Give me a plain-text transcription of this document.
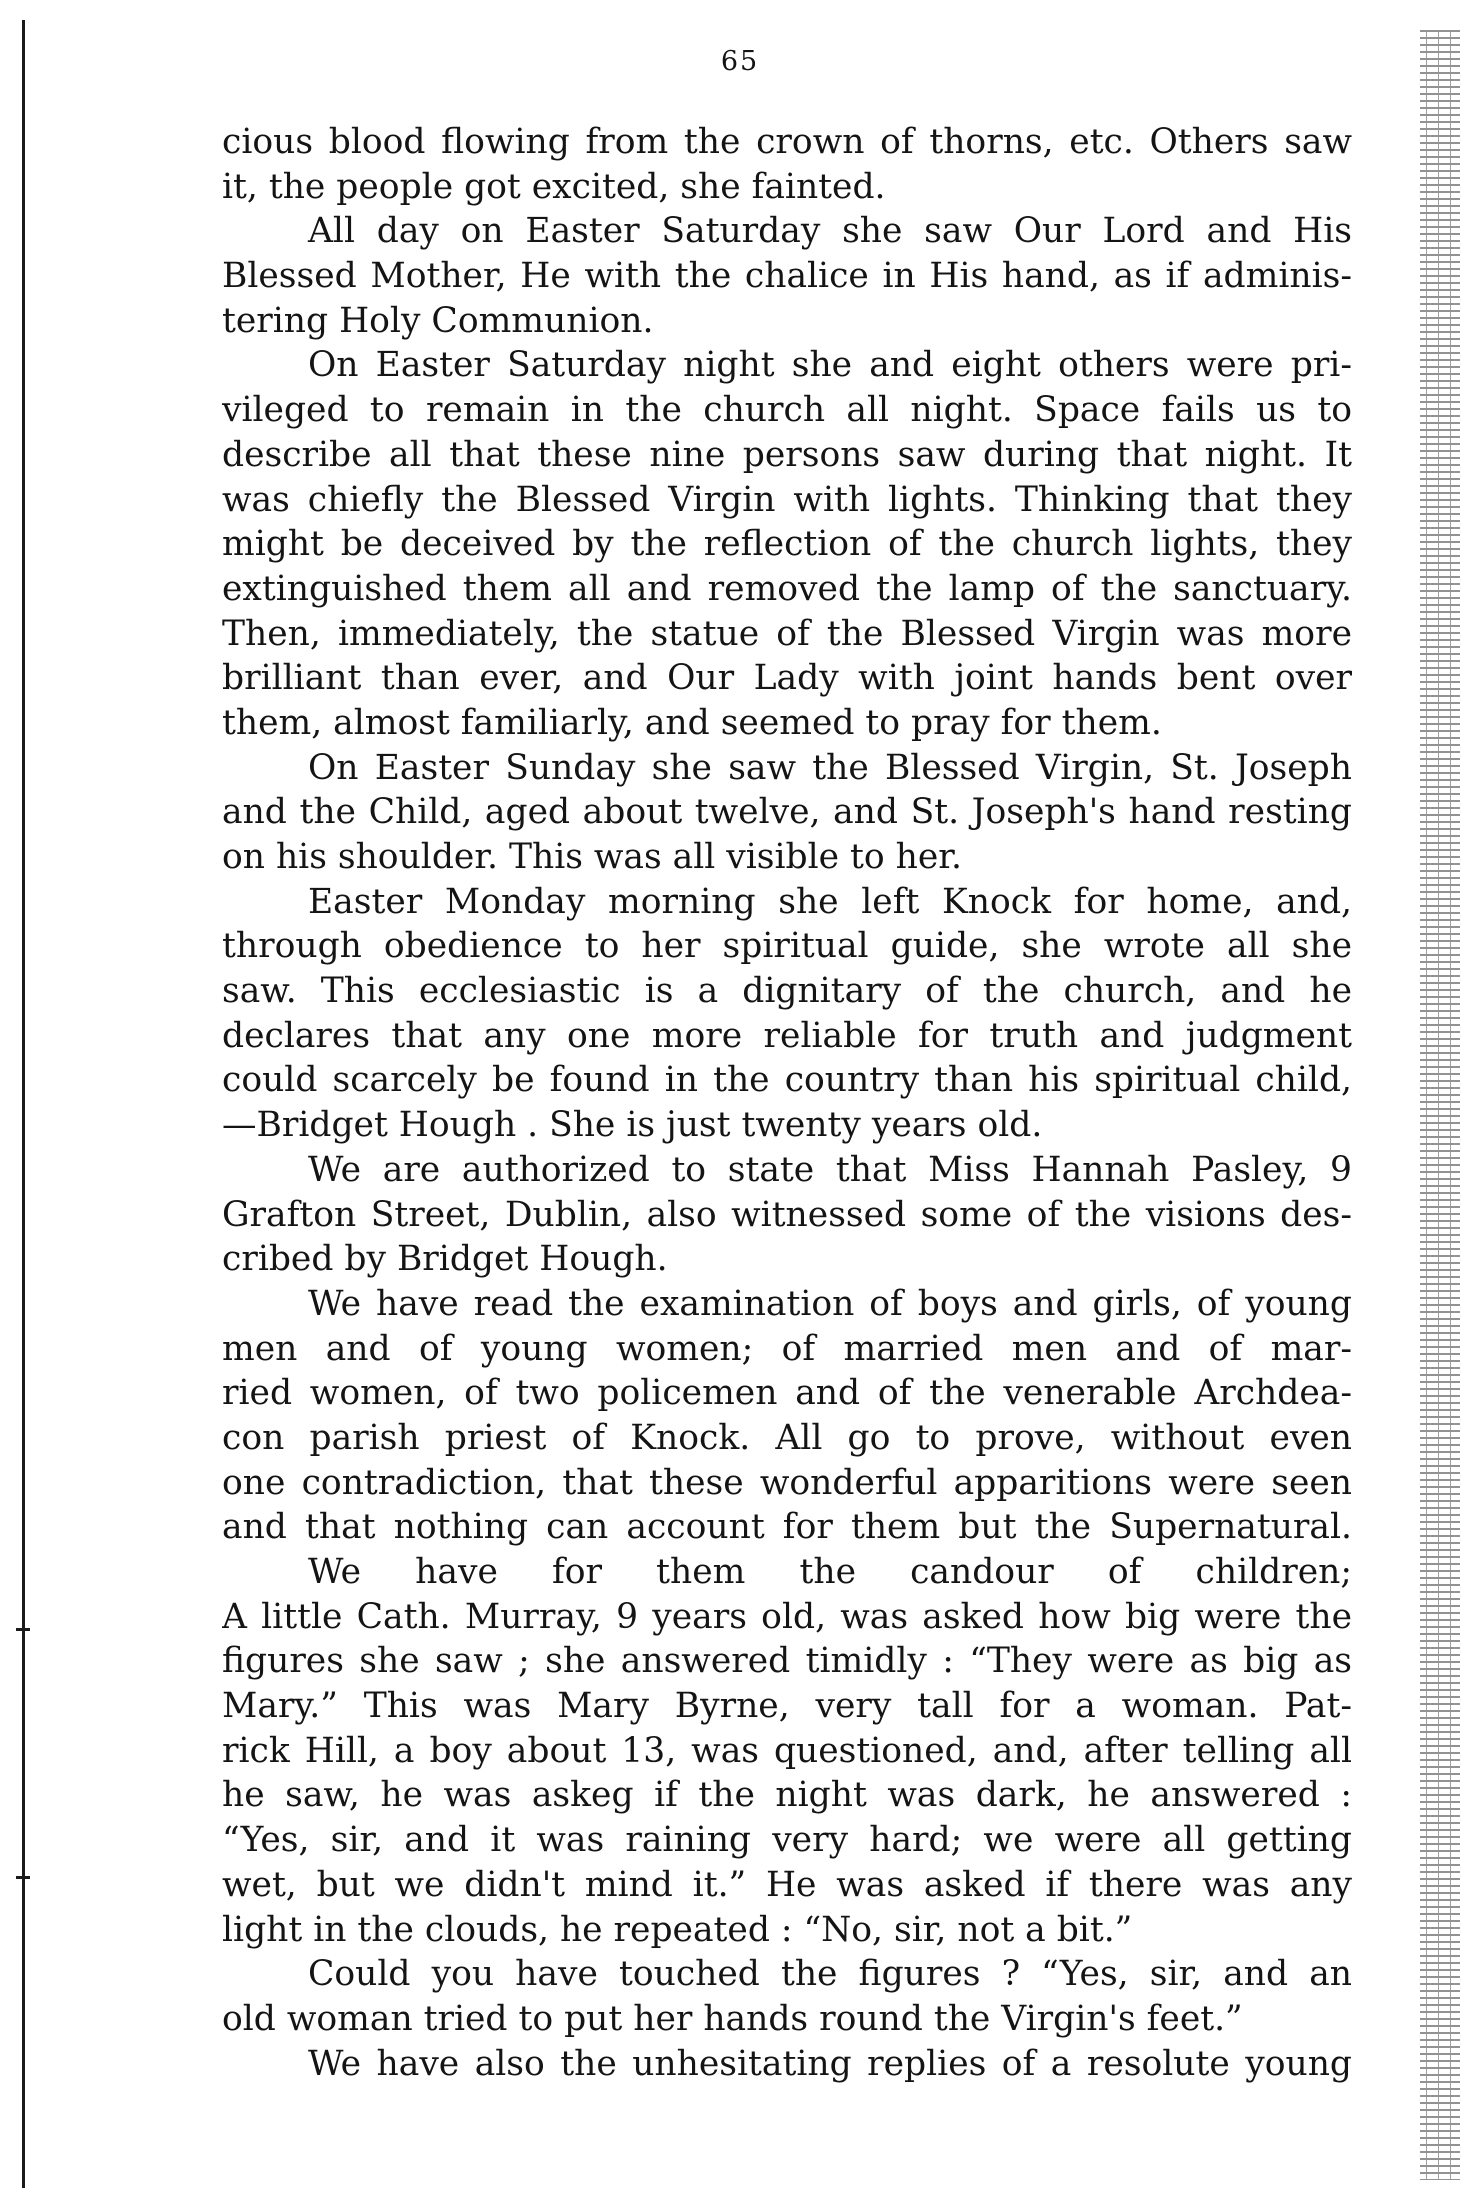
65
cious blood flowing from the crown of thorns, etc. Others saw
it, the people got excited, she fainted.
All day on Easter Saturday she saw Our Lord and His
Blessed Mother, He with the chalice in His hand, as if adminis-
tering Holy Communion.
On Easter Saturday night she and eight others were pri-
vileged to remain in the church all night. Space fails us to
describe all that these nine persons saw during that night. It
was chiefly the Blessed Virgin with lights. Thinking that they
might be deceived by the reflection of the church lights, they
extinguished them all and removed the lamp of the sanctuary.
Then, immediately, the statue of the Blessed Virgin was more
brilliant than ever, and Our Lady with joint hands bent over
them, almost familiarly, and seemed to pray for them.
On Easter Sunday she saw the Blessed Virgin, St. Joseph
and the Child, aged about twelve, and St. Joseph's hand resting
on his shoulder. This was all visible to her.
Easter Monday morning she left Knock for home, and,
through obedience to her spiritual guide, she wrote all she
saw. This ecclesiastic is a dignitary of the church, and he
declares that any one more reliable for truth and judgment
could scarcely be found in the country than his spiritual child,
—Bridget Hough . She is just twenty years old.
We are authorized to state that Miss Hannah Pasley, 9
Grafton Street, Dublin, also witnessed some of the visions des-
cribed by Bridget Hough.
We have read the examination of boys and girls, of young
men and of young women; of married men and of mar-
ried women, of two policemen and of the venerable Archdea-
con parish priest of Knock. All go to prove, without even
one contradiction, that these wonderful apparitions were seen
and that nothing can account for them but the Supernatural.
We have for them the candour of children;
A little Cath. Murray, 9 years old, was asked how big were the
figures she saw ; she answered timidly : “They were as big as
Mary.” This was Mary Byrne, very tall for a woman. Pat-
rick Hill, a boy about 13, was questioned, and, after telling all
he saw, he was askeg if the night was dark, he answered :
“Yes, sir, and it was raining very hard; we were all getting
wet, but we didn't mind it.” He was asked if there was any
light in the clouds, he repeated : “No, sir, not a bit.”
Could you have touched the figures ? “Yes, sir, and an
old woman tried to put her hands round the Virgin's feet.”
We have also the unhesitating replies of a resolute young
